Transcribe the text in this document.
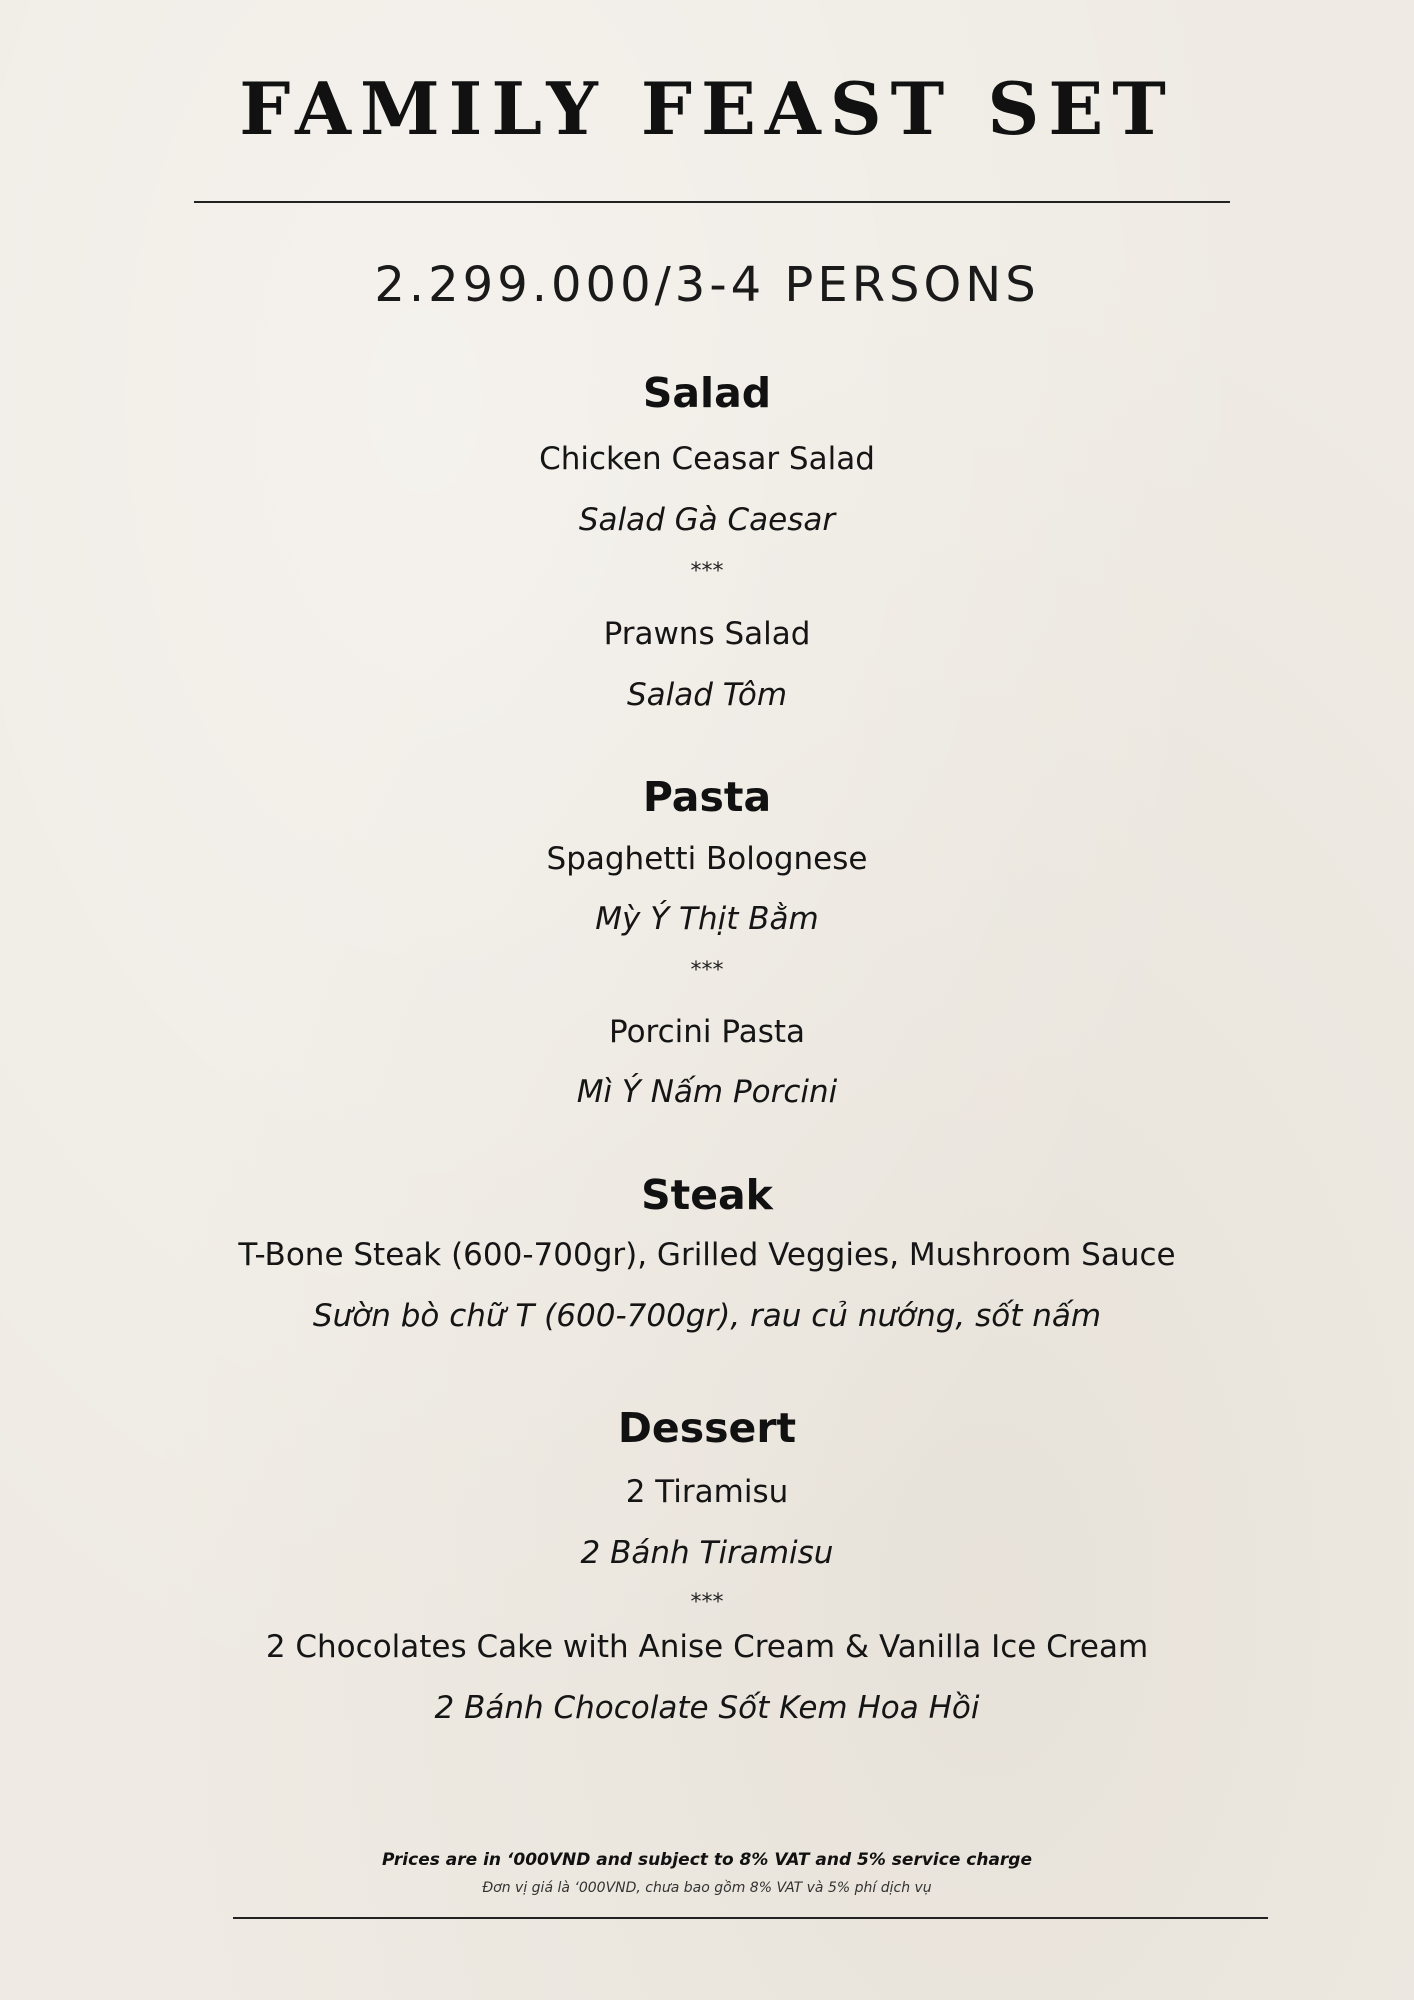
FAMILY FEAST SET
2.299.000/3-4 PERSONS
Salad
Chicken Ceasar Salad
Salad Gà Caesar
***
Prawns Salad
Salad Tôm
Pasta
Spaghetti Bolognese
Mỳ Ý Thịt Bằm
***
Porcini Pasta
Mì Ý Nấm Porcini
Steak
T-Bone Steak (600-700gr), Grilled Veggies, Mushroom Sauce
Sườn bò chữ T (600-700gr), rau củ nướng, sốt nấm
Dessert
2 Tiramisu
2 Bánh Tiramisu
***
2 Chocolates Cake with Anise Cream & Vanilla Ice Cream
2 Bánh Chocolate Sốt Kem Hoa Hồi
Prices are in ‘000VND and subject to 8% VAT and 5% service charge
Đơn vị giá là ‘000VND, chưa bao gồm 8% VAT và 5% phí dịch vụ
